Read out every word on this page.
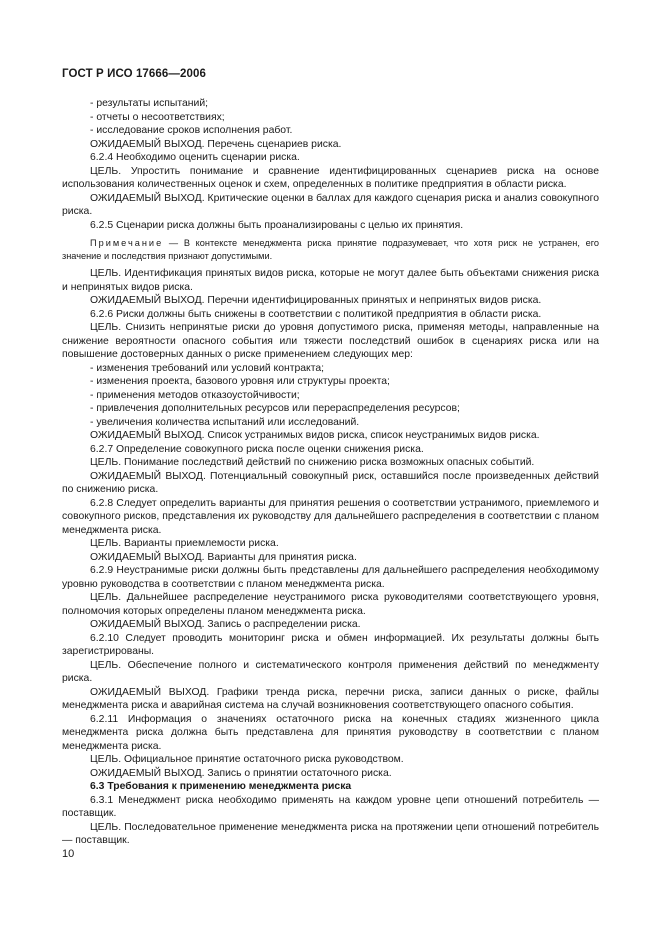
ГОСТ Р ИСО 17666—2006

- результаты испытаний;

- отчеты о несоответствиях;

- исследование сроков исполнения работ.

ОЖИДАЕМЫЙ ВЫХОД. Перечень сценариев риска.

6.2.4 Необходимо оценить сценарии риска.

ЦЕЛЬ. Упростить понимание и сравнение идентифицированных сценариев риска на основе использования количественных оценок и схем, определенных в политике предприятия в области риска.

ОЖИДАЕМЫЙ ВЫХОД. Критические оценки в баллах для каждого сценария риска и анализ совокупного риска.

6.2.5 Сценарии риска должны быть проанализированы с целью их принятия.

Примечание — В контексте менеджмента риска принятие подразумевает, что хотя риск не устранен, его значение и последствия признают допустимыми.

ЦЕЛЬ. Идентификация принятых видов риска, которые не могут далее быть объектами снижения риска и непринятых видов риска.

ОЖИДАЕМЫЙ ВЫХОД. Перечни идентифицированных принятых и непринятых видов риска.

6.2.6 Риски должны быть снижены в соответствии с политикой предприятия в области риска.

ЦЕЛЬ. Снизить непринятые риски до уровня допустимого риска, применяя методы, направленные на снижение вероятности опасного события или тяжести последствий ошибок в сценариях риска или на повышение достоверных данных о риске применением следующих мер:

- изменения требований или условий контракта;

- изменения проекта, базового уровня или структуры проекта;

- применения методов отказоустойчивости;

- привлечения дополнительных ресурсов или перераспределения ресурсов;

- увеличения количества испытаний или исследований.

ОЖИДАЕМЫЙ ВЫХОД. Список устранимых видов риска, список неустранимых видов риска.

6.2.7 Определение совокупного риска после оценки снижения риска.

ЦЕЛЬ. Понимание последствий действий по снижению риска возможных опасных событий.

ОЖИДАЕМЫЙ ВЫХОД. Потенциальный совокупный риск, оставшийся после произведенных действий по снижению риска.

6.2.8 Следует определить варианты для принятия решения о соответствии устранимого, приемлемого и совокупного рисков, представления их руководству для дальнейшего распределения в соответствии с планом менеджмента риска.

ЦЕЛЬ. Варианты приемлемости риска.

ОЖИДАЕМЫЙ ВЫХОД. Варианты для принятия риска.

6.2.9 Неустранимые риски должны быть представлены для дальнейшего распределения необходимому уровню руководства в соответствии с планом менеджмента риска.

ЦЕЛЬ. Дальнейшее распределение неустранимого риска руководителями соответствующего уровня, полномочия которых определены планом менеджмента риска.

ОЖИДАЕМЫЙ ВЫХОД. Запись о распределении риска.

6.2.10 Следует проводить мониторинг риска и обмен информацией. Их результаты должны быть зарегистрированы.

ЦЕЛЬ. Обеспечение полного и систематического контроля применения действий по менеджменту риска.

ОЖИДАЕМЫЙ ВЫХОД. Графики тренда риска, перечни риска, записи данных о риске, файлы менеджмента риска и аварийная система на случай возникновения соответствующего опасного события.

6.2.11 Информация о значениях остаточного риска на конечных стадиях жизненного цикла менеджмента риска должна быть представлена для принятия руководству в соответствии с планом менеджмента риска.

ЦЕЛЬ. Официальное принятие остаточного риска руководством.

ОЖИДАЕМЫЙ ВЫХОД. Запись о принятии остаточного риска.

6.3 Требования к применению менеджмента риска

6.3.1 Менеджмент риска необходимо применять на каждом уровне цепи отношений потребитель — поставщик.

ЦЕЛЬ. Последовательное применение менеджмента риска на протяжении цепи отношений потребитель — поставщик.

10
